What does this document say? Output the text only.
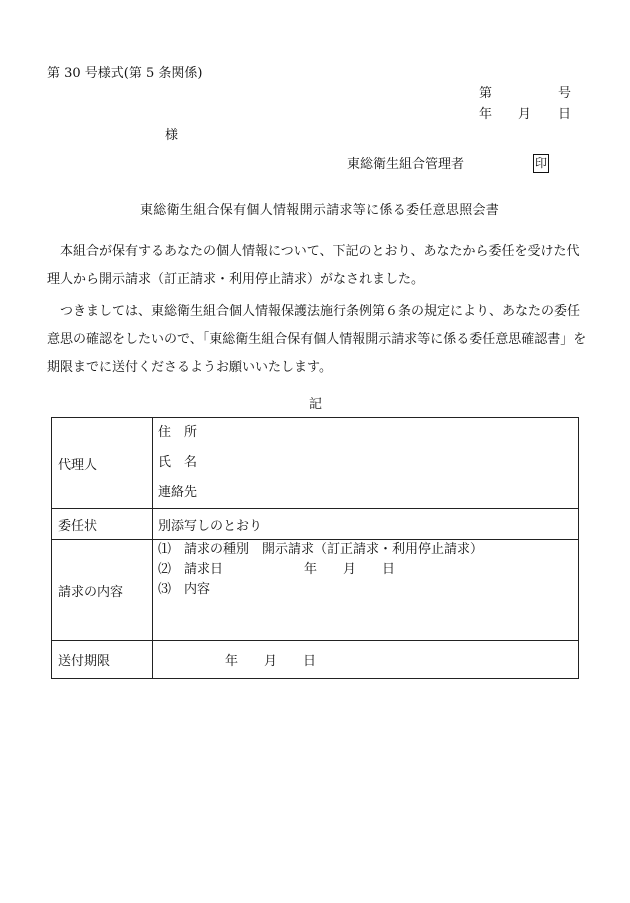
第 30 号様式(第 5 条関係)
第	号
年 月 日
様
東総衛生組合管理者	印
東総衛生組合保有個人情報開示請求等に係る委任意思照会書
本組合が保有するあなたの個人情報について、下記のとおり、あなたから委任を受けた代理人から開示請求（訂正請求・利用停止請求）がなされました。
つきましては、東総衛生組合個人情報保護法施行条例第６条の規定により、あなたの委任意思の確認をしたいので、「東総衛生組合保有個人情報開示請求等に係る委任意思確認書」を期限までに送付くださるようお願いいたします。
記
代理人	住　所
氏　名
連絡先

委任状	別添写しのとおり
請求の内容	⑴ 請求の種別 開示請求（訂正請求・利用停止請求）
⑵ 請求日 年 月 日
⑶ 内容

送付期限	年 月 日
